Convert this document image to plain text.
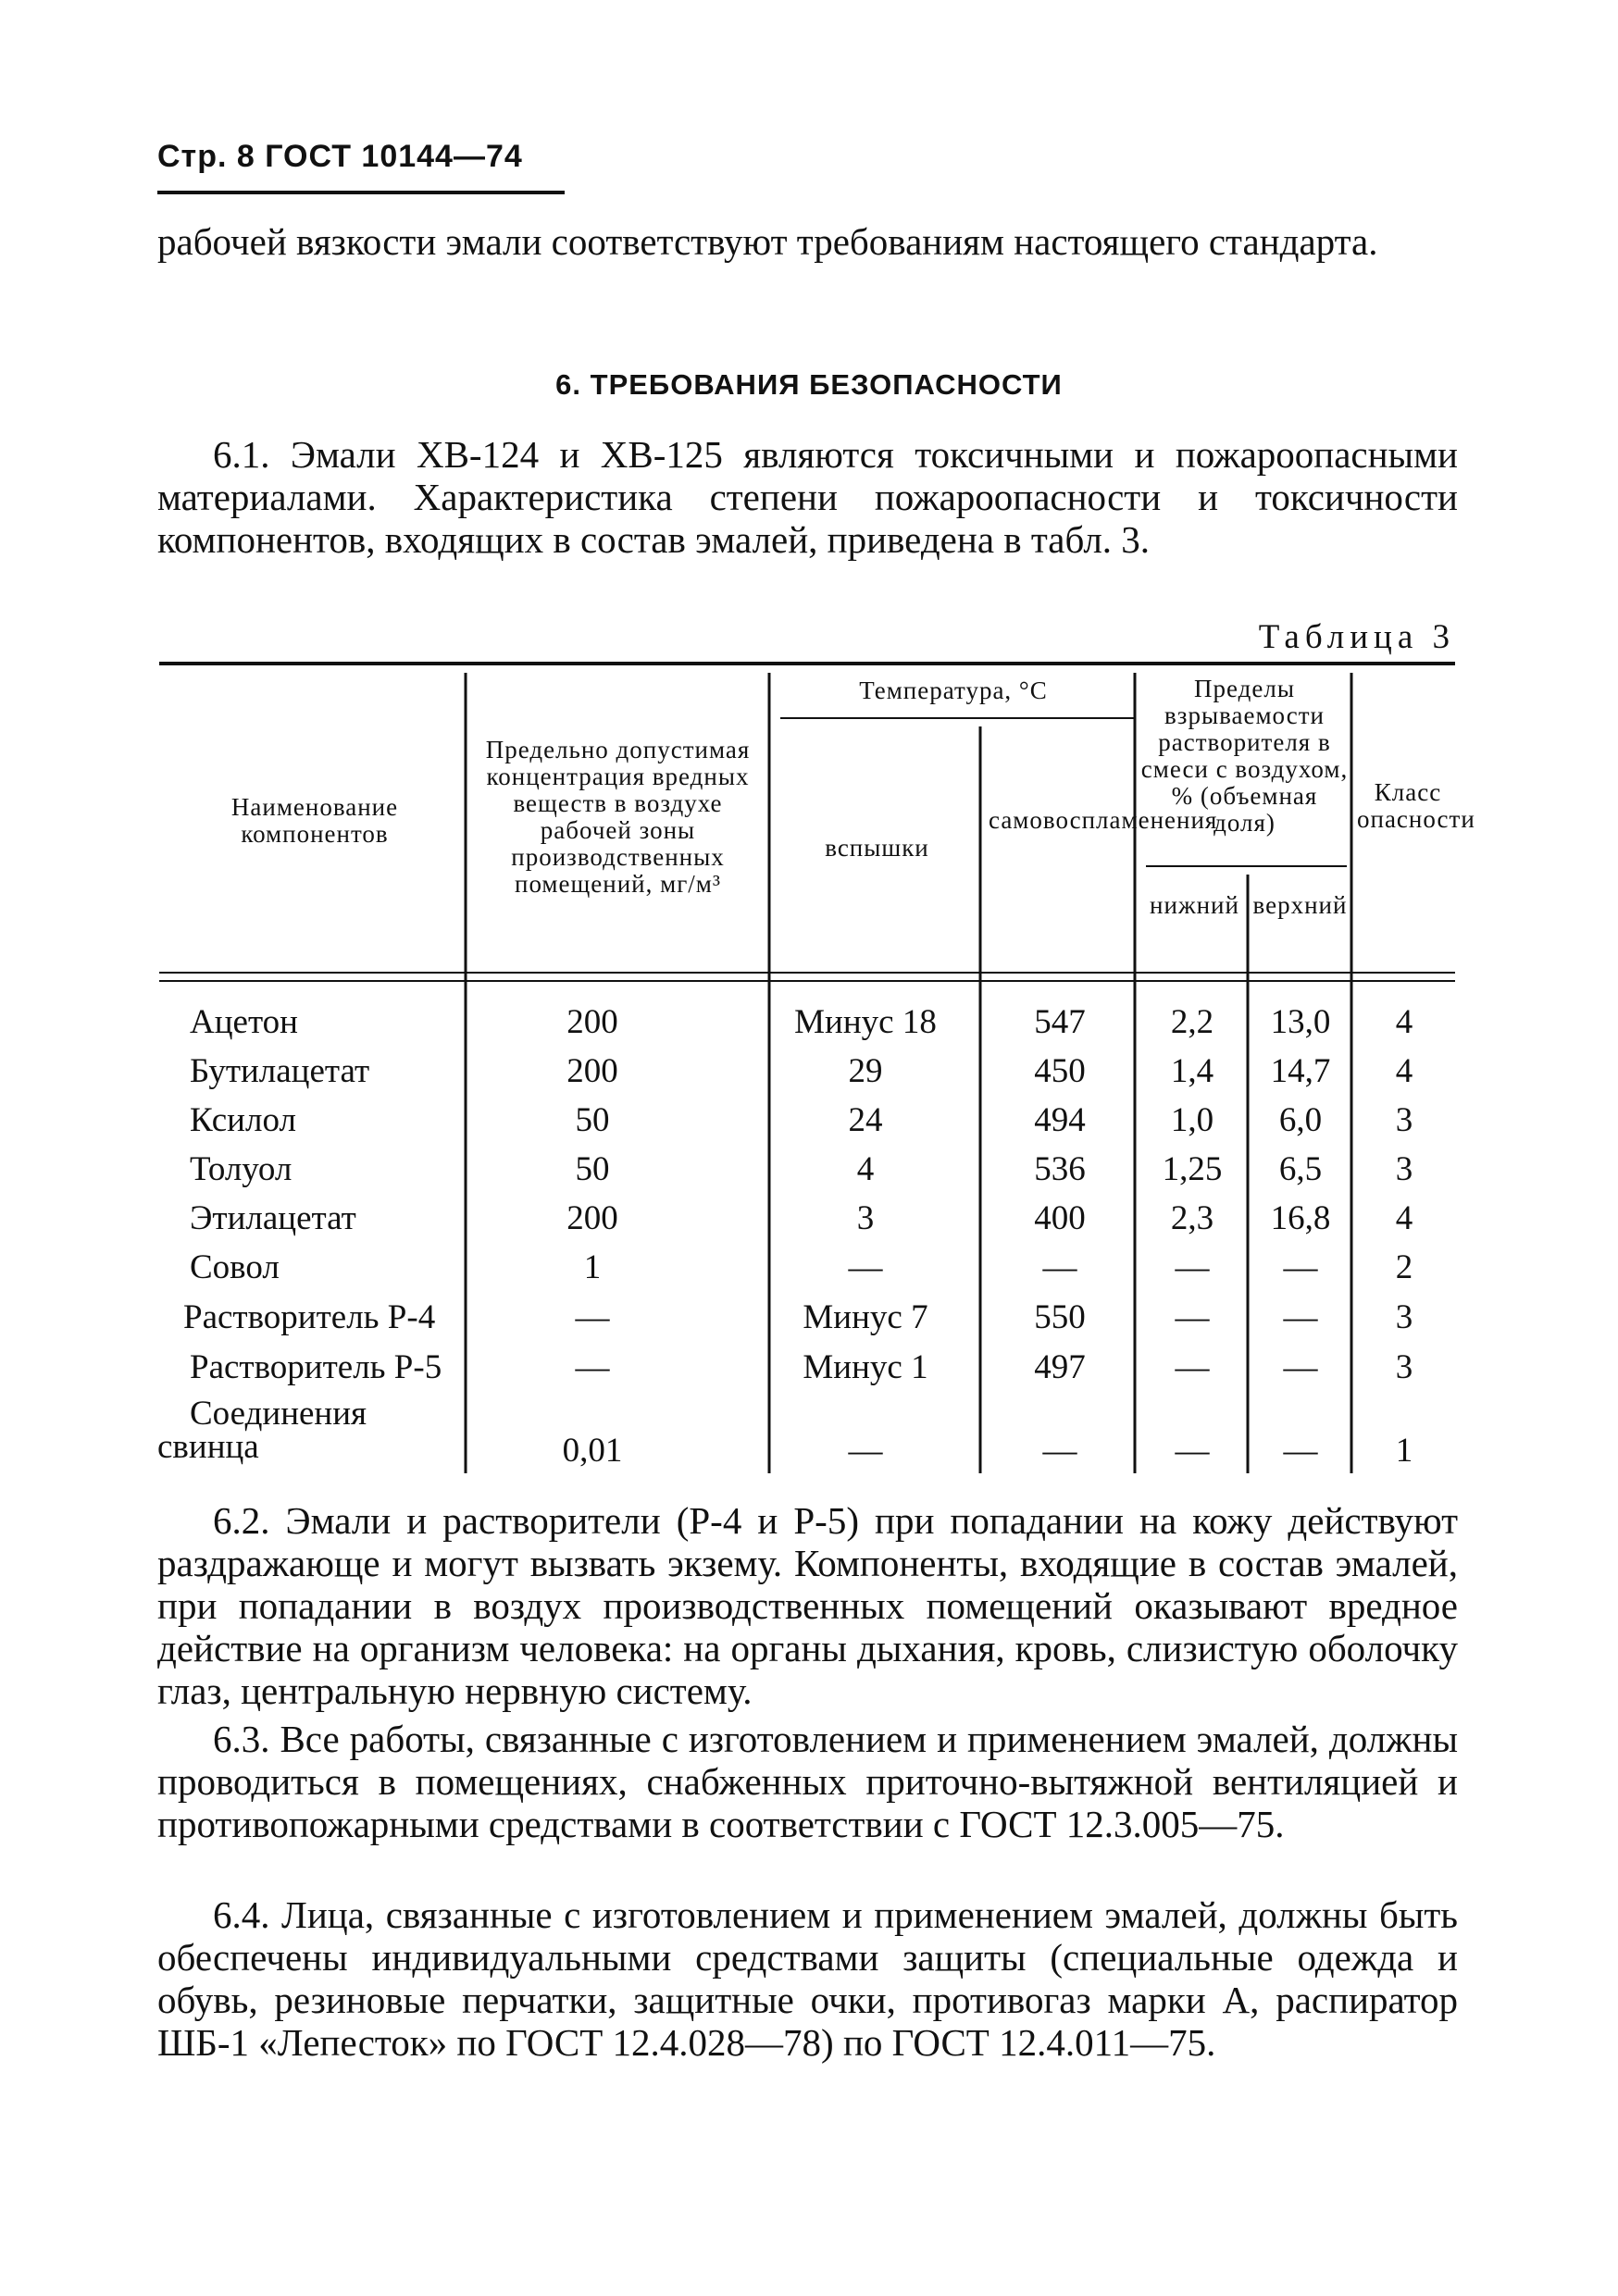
Стр. 8 ГОСТ 10144—74

рабочей вязкости эмали соответствуют требованиям настоящего стандарта.

6. ТРЕБОВАНИЯ БЕЗОПАСНОСТИ

6.1. Эмали ХВ-124 и ХВ-125 являются токсичными и пожароопасными материалами. Характеристика степени пожароопасности и токсичности компонентов, входящих в состав эмалей, приведена в табл. 3.

Таблица 3
Наименование компонентов
Предельно допустимая концентрация вредных веществ в воздухе рабочей зоны производственных помещений, мг/м³
Температура, °С
вспышки
самовоспламенения
Пределы взрываемости растворителя в смеси с воздухом, % (объемная доля)
нижний верхний
Класс опасности
Ацетон	200	Минус 18	547	2,2	13,0	4
Бутилацетат	200	29	450	1,4	14,7	4
Ксилол	50	24	494	1,0	6,0	3
Толуол	50	4	536	1,25	6,5	3
Этилацетат	200	3	400	2,3	16,8	4
Совол	1	—	—	—	—	2
Растворитель Р-4	—	Минус 7	550	—	—	3
Растворитель Р-5	—	Минус 1	497	—	—	3
Соединения
свинца	0,01	—	—	—	—	1

6.2. Эмали и растворители (Р-4 и Р-5) при попадании на кожу действуют раздражающе и могут вызвать экзему. Компоненты, входящие в состав эмалей, при попадании в воздух производственных помещений оказывают вредное действие на организм человека: на органы дыхания, кровь, слизистую оболочку глаз, центральную нервную систему.

6.3. Все работы, связанные с изготовлением и применением эмалей, должны проводиться в помещениях, снабженных приточно-вытяжной вентиляцией и противопожарными средствами в соответствии с ГОСТ 12.3.005—75.

6.4. Лица, связанные с изготовлением и применением эмалей, должны быть обеспечены индивидуальными средствами защиты (специальные одежда и обувь, резиновые перчатки, защитные очки, противогаз марки А, распиратор ШБ-1 «Лепесток» по ГОСТ 12.4.028—78) по ГОСТ 12.4.011—75.
